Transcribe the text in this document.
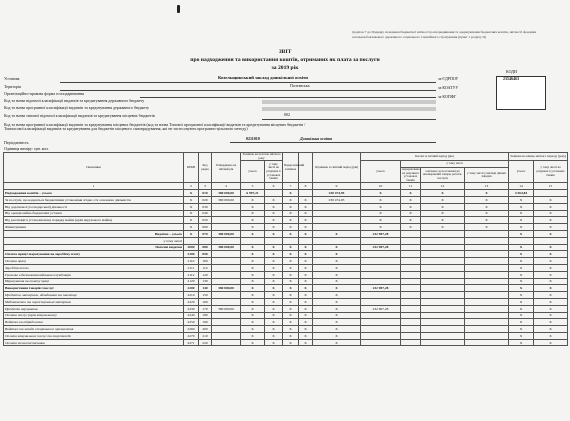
Додаток 7 до Порядку складання бюджетної звітності розпорядниками та одержувачами бюджетних коштів, звітності фондами загальнообов'язкового державного соціального і пенсійного страхування (пункт 1 розділу ІІ)
ЗВІТ
про надходження та використання коштів, отриманих як плата за послуги
за 2019 рік
КОДИ
23546463
за ЄДРПОУ
за КОАТУУ
за КОПФГ
Установа	Козельщинський заклад дошкільної освіти
Територія	Полтавська
Організаційно-правова форма господарювання
Код та назва відомчої класифікації видатків та кредитування державного бюджету
Код та назва програмної класифікації видатків та кредитування державного бюджету
Код та назва типової відомчої класифікації видатків та кредитування місцевих бюджетів	002
Код та назва програмної класифікації видатків та кредитування місцевих бюджетів (код та назва Типової програмної класифікації видатків та кредитування місцевих бюджетів / Тимчасової класифікації видатків та кредитування для бюджетів місцевого самоврядування, які не застосовують програмно-цільового методу)
0211010	Дошкільна освіта
Періодичність
Одиниця виміру: грн. коп.
Показники	КЕКВ	Код рядка	Затверджено на звітний рік	Залишок на початок звітного року		Перерахований залишок		Отримано за звітний період (рік)	Касові за звітний період (рік)				Залишок на кінець звітного періоду (року)	
				усього	у тому числі на рахунках в установах банків				усього	у тому числі			усього	у тому числі на рахунках в установах банків
										перераховано на рахунки в установах банків	оплачено за поставлені на незавершеній товари, роботи, послуги	у тому числі у вигляді цінних паперів		
1	2	3	4	5	6	7	8	9	10	11	12	13	14	15
Надходження коштів – усього	Х	010	380 000,00	6 997,21		Х		230 474,95	Х	Х	Х	Х	4 564,84	
За послуги, що надаються бюджетними установами згідно з їх основною діяльністю	Х	020	380 000,00	Х	Х	Х	Х	230 474,95	Х	Х	Х	Х	Х	Х
Від додаткової (господарської) діяльності	Х	030		Х	Х	Х	Х		Х	Х	Х	Х	Х	Х
Від оренди майна бюджетних установ	Х	040		Х	Х	Х	Х		Х	Х	Х	Х	Х	Х
Від реалізації в установленому порядку майна (крім нерухомого майна)	Х	050		Х	Х	Х	Х		Х	Х	Х	Х	Х	Х
Фінансування	Х	060		Х	Х	Х	Х		Х	Х	Х	Х	Х	Х
Видатки – усього	Х	070	380 000,00	Х	Х	Х	Х	Х	232 907,28				Х	Х
у тому числі														
Поточні видатки	2000	080	380 000,00	Х	Х	Х	Х	Х	232 907,28				Х	Х
Оплата праці і нарахування на заробітну плату	2100	090		Х	Х	Х	Х	Х					Х	Х
Оплата праці	2110	100		Х	Х	Х	Х	Х					Х	Х
Заробітна плата	2111	110		Х	Х	Х	Х	Х					Х	Х
Грошове забезпечення військовослужбовців	2112	120		Х	Х	Х	Х	Х					Х	Х
Нарахування на оплату праці	2120	130		Х	Х	Х	Х	Х					Х	Х
Використання товарів і послуг	2200	140	380 000,00	Х	Х	Х	Х	Х	232 907,28				Х	Х
Предмети, матеріали, обладнання та інвентар	2210	150		Х	Х	Х	Х	Х					Х	Х
Медикаменти та перев'язувальні матеріали	2220	160		Х	Х	Х	Х	Х					Х	Х
Продукти харчування	2230	170	380 000,00	Х	Х	Х	Х	Х	232 907,28				Х	Х
Оплата послуг (крім комунальних)	2240	180		Х	Х	Х	Х	Х					Х	Х
Видатки на відрядження	2250	190		Х	Х	Х	Х	Х					Х	Х
Видатки та заходи спеціального призначення	2260	200		Х	Х	Х	Х	Х					Х	Х
Оплата комунальних послуг та енергоносіїв	2270	210		Х	Х	Х	Х	Х					Х	Х
Оплата теплопостачання	2271	220		Х	Х	Х	Х	Х					Х	Х
